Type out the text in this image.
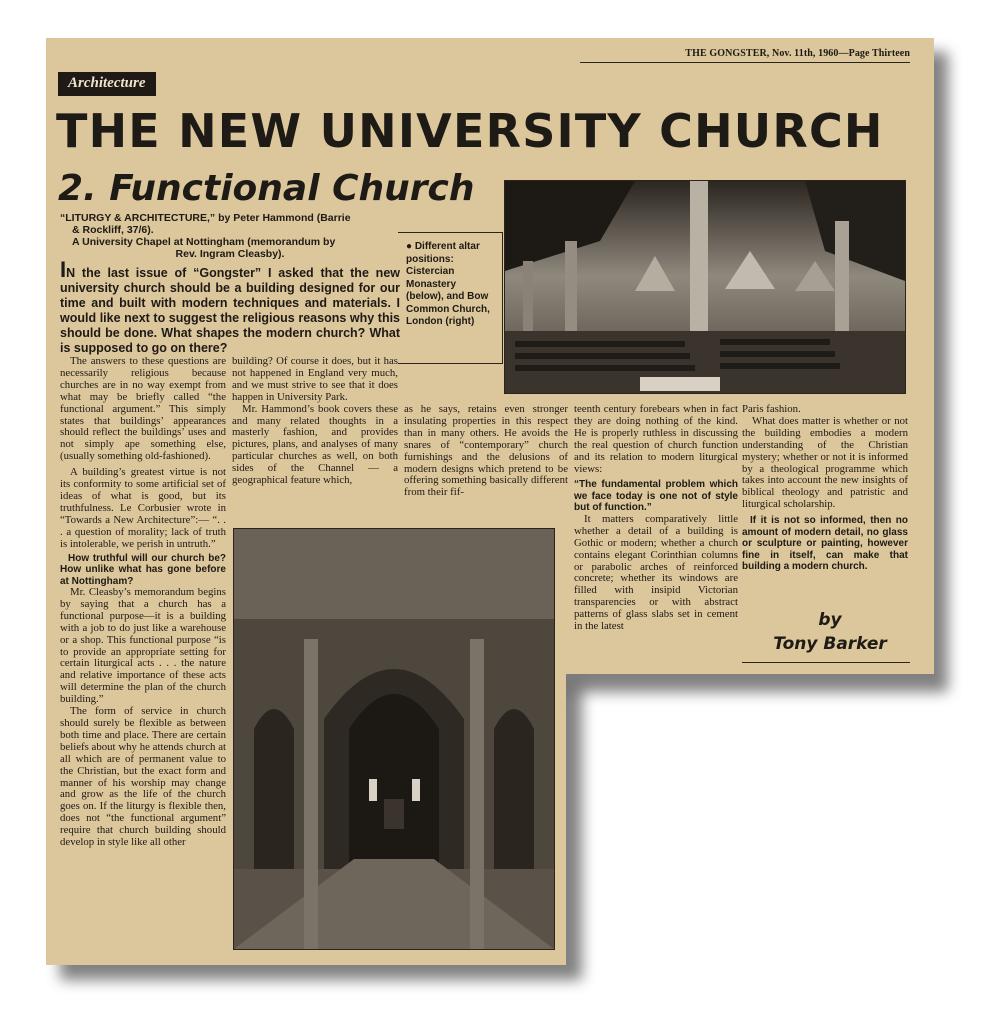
THE GONGSTER, Nov. 11th, 1960—Page Thirteen
Architecture
THE NEW UNIVERSITY CHURCH
2. Functional Church
“LITURGY & ARCHITECTURE,” by Peter Hammond (Barrie
& Rockliff, 37/6).
A University Chapel at Nottingham (memorandum by
Rev. Ingram Cleasby).
IN the last issue of “Gongster” I asked that the new university church should be a building designed for our time and built with modern techniques and materials. I would like next to suggest the religious reasons why this should be done. What shapes the modern church? What is supposed to go on there?
● Different altar positions: Cistercian Monastery (below), and Bow Common Church, London (right)

The answers to these questions are necessarily religious because churches are in no way exempt from what may be briefly called “the functional argument.” This simply states that buildings’ appearances should reflect the buildings’ uses and not simply ape something else, (usually something old-fashioned).

A building’s greatest virtue is not its conformity to some artificial set of ideas of what is good, but its truthfulness. Le Corbusier wrote in “Towards a New Architecture”:— “. . . a question of morality; lack of truth is intolerable, we perish in untruth.”

How truthful will our church be? How unlike what has gone before at Nottingham?

Mr. Cleasby’s memorandum begins by saying that a church has a functional purpose—it is a building with a job to do just like a warehouse or a shop. This functional purpose “is to provide an appropriate setting for certain liturgical acts . . . the nature and relative importance of these acts will determine the plan of the church building.”

The form of service in church should surely be flexible as between both time and place. There are certain beliefs about why he attends church at all which are of permanent value to the Christian, but the exact form and manner of his worship may change and grow as the life of the church goes on. If the liturgy is flexible then, does not “the functional argument” require that church building should develop in style like all other

building? Of course it does, but it has not happened in England very much, and we must strive to see that it does happen in University Park.

Mr. Hammond’s book covers these and many related thoughts in a masterly fashion, and provides pictures, plans, and analyses of many particular churches as well, on both sides of the Channel — a geographical feature which,

as he says, retains even stronger insulating properties in this respect than in many others. He avoids the snares of “contemporary” church furnishings and the delusions of modern designs which pretend to be offering something basically different from their fif-

teenth century forebears when in fact they are doing nothing of the kind. He is properly ruthless in discussing the real question of church function and its relation to modern liturgical views:

“The fundamental problem which we face today is one not of style but of function.”

It matters comparatively little whether a detail of a building is Gothic or modern; whether a church contains elegant Corinthian columns or parabolic arches of reinforced concrete; whether its windows are filled with insipid Victorian transparencies or with abstract patterns of glass slabs set in cement in the latest

Paris fashion.

What does matter is whether or not the building embodies a modern understanding of the Christian mystery; whether or not it is informed by a theological programme which takes into account the new insights of biblical theology and patristic and liturgical scholarship.

If it is not so informed, then no amount of modern detail, no glass or sculpture or painting, however fine in itself, can make that building a modern church.

by
Tony Barker
